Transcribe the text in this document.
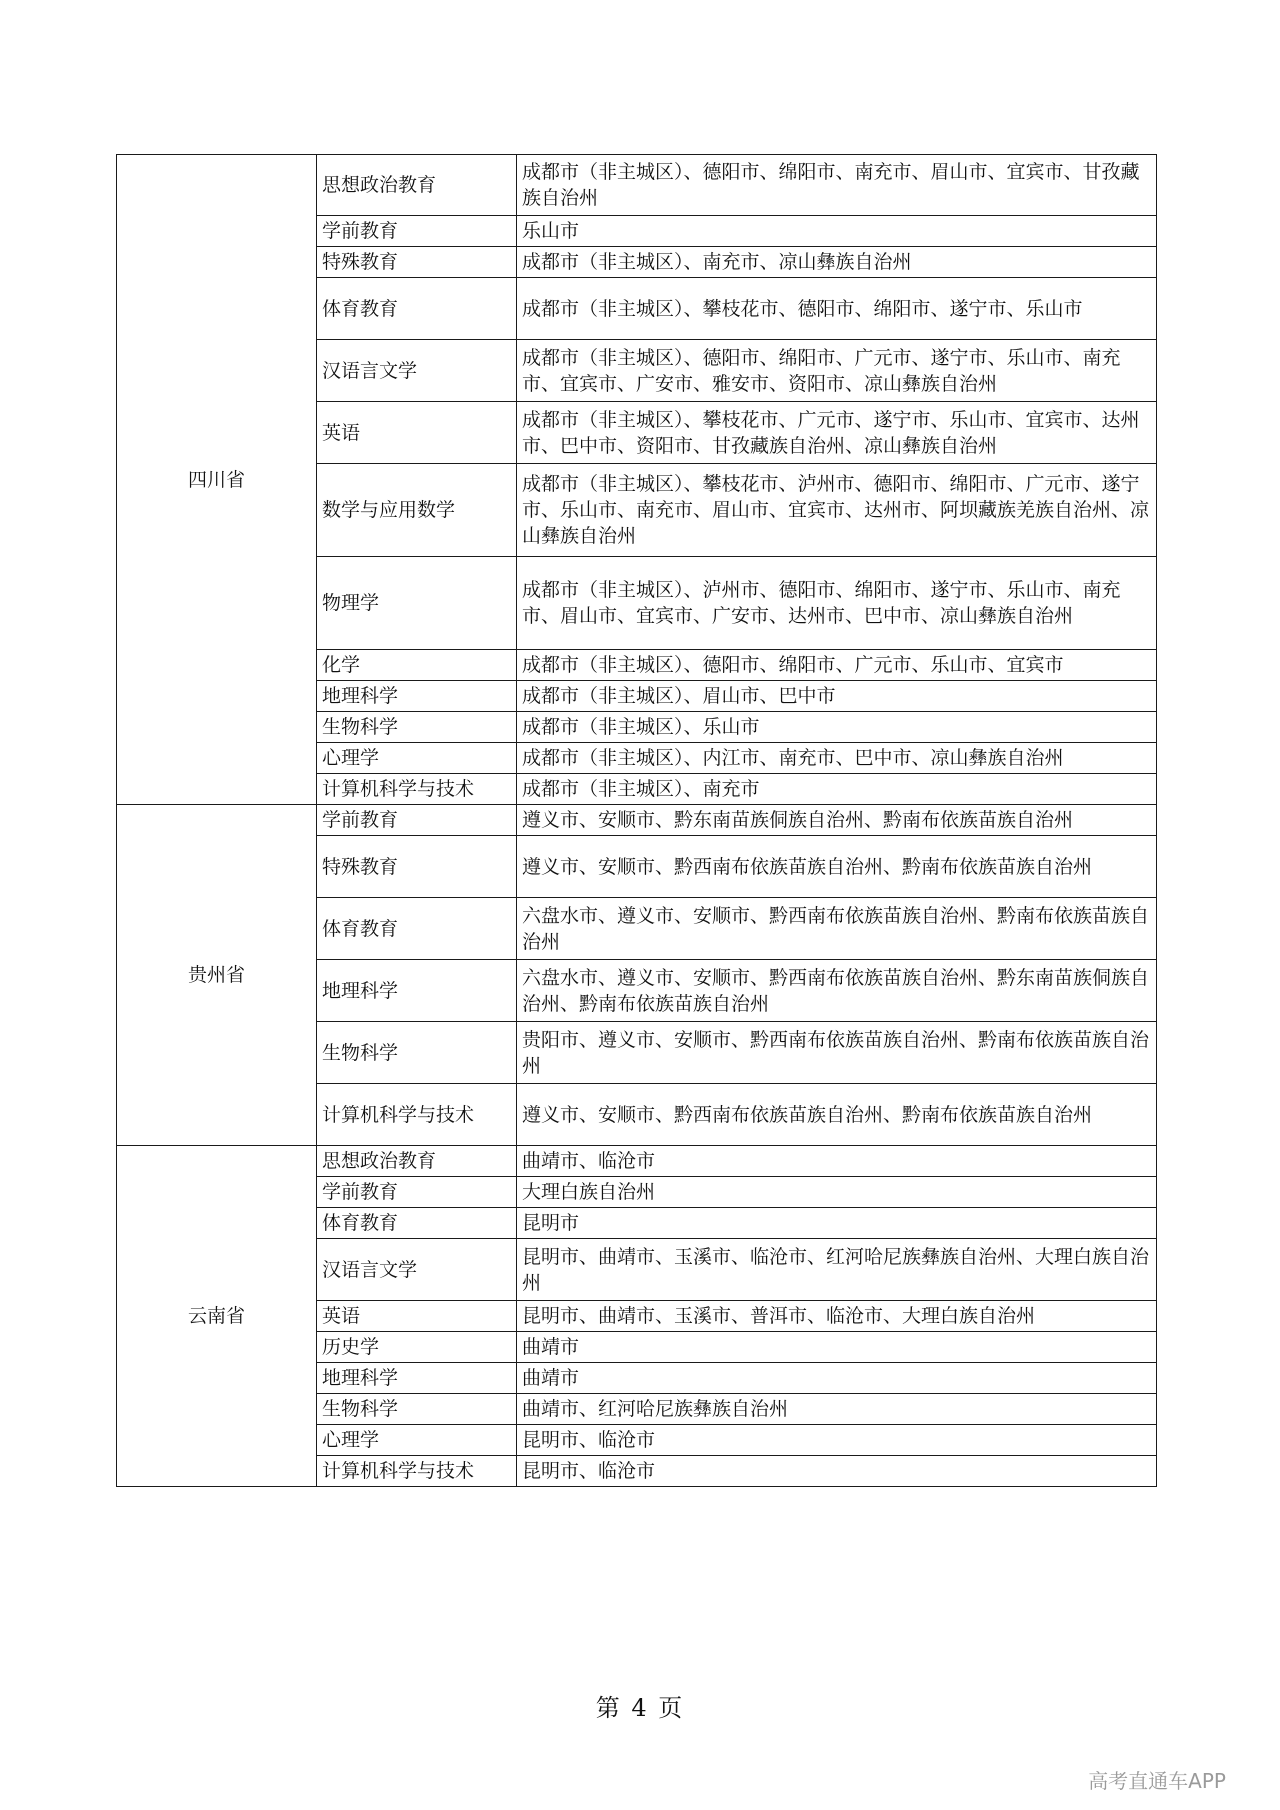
四川省	思想政治教育	成都市（非主城区）、德阳市、绵阳市、南充市、眉山市、宜宾市、甘孜藏族自治州
	学前教育	乐山市
	特殊教育	成都市（非主城区）、南充市、凉山彝族自治州
	体育教育	成都市（非主城区）、攀枝花市、德阳市、绵阳市、遂宁市、乐山市
	汉语言文学	成都市（非主城区）、德阳市、绵阳市、广元市、遂宁市、乐山市、南充市、宜宾市、广安市、雅安市、资阳市、凉山彝族自治州
	英语	成都市（非主城区）、攀枝花市、广元市、遂宁市、乐山市、宜宾市、达州市、巴中市、资阳市、甘孜藏族自治州、凉山彝族自治州
	数学与应用数学	成都市（非主城区）、攀枝花市、泸州市、德阳市、绵阳市、广元市、遂宁市、乐山市、南充市、眉山市、宜宾市、达州市、阿坝藏族羌族自治州、凉山彝族自治州
	物理学	成都市（非主城区）、泸州市、德阳市、绵阳市、遂宁市、乐山市、南充市、眉山市、宜宾市、广安市、达州市、巴中市、凉山彝族自治州
	化学	成都市（非主城区）、德阳市、绵阳市、广元市、乐山市、宜宾市
	地理科学	成都市（非主城区）、眉山市、巴中市
	生物科学	成都市（非主城区）、乐山市
	心理学	成都市（非主城区）、内江市、南充市、巴中市、凉山彝族自治州
	计算机科学与技术	成都市（非主城区）、南充市
贵州省	学前教育	遵义市、安顺市、黔东南苗族侗族自治州、黔南布依族苗族自治州
	特殊教育	遵义市、安顺市、黔西南布依族苗族自治州、黔南布依族苗族自治州
	体育教育	六盘水市、遵义市、安顺市、黔西南布依族苗族自治州、黔南布依族苗族自治州
	地理科学	六盘水市、遵义市、安顺市、黔西南布依族苗族自治州、黔东南苗族侗族自治州、黔南布依族苗族自治州
	生物科学	贵阳市、遵义市、安顺市、黔西南布依族苗族自治州、黔南布依族苗族自治州
	计算机科学与技术	遵义市、安顺市、黔西南布依族苗族自治州、黔南布依族苗族自治州
云南省	思想政治教育	曲靖市、临沧市
	学前教育	大理白族自治州
	体育教育	昆明市
	汉语言文学	昆明市、曲靖市、玉溪市、临沧市、红河哈尼族彝族自治州、大理白族自治州
	英语	昆明市、曲靖市、玉溪市、普洱市、临沧市、大理白族自治州
	历史学	曲靖市
	地理科学	曲靖市
	生物科学	曲靖市、红河哈尼族彝族自治州
	心理学	昆明市、临沧市
	计算机科学与技术	昆明市、临沧市
第 4 页
高考直通车APP
